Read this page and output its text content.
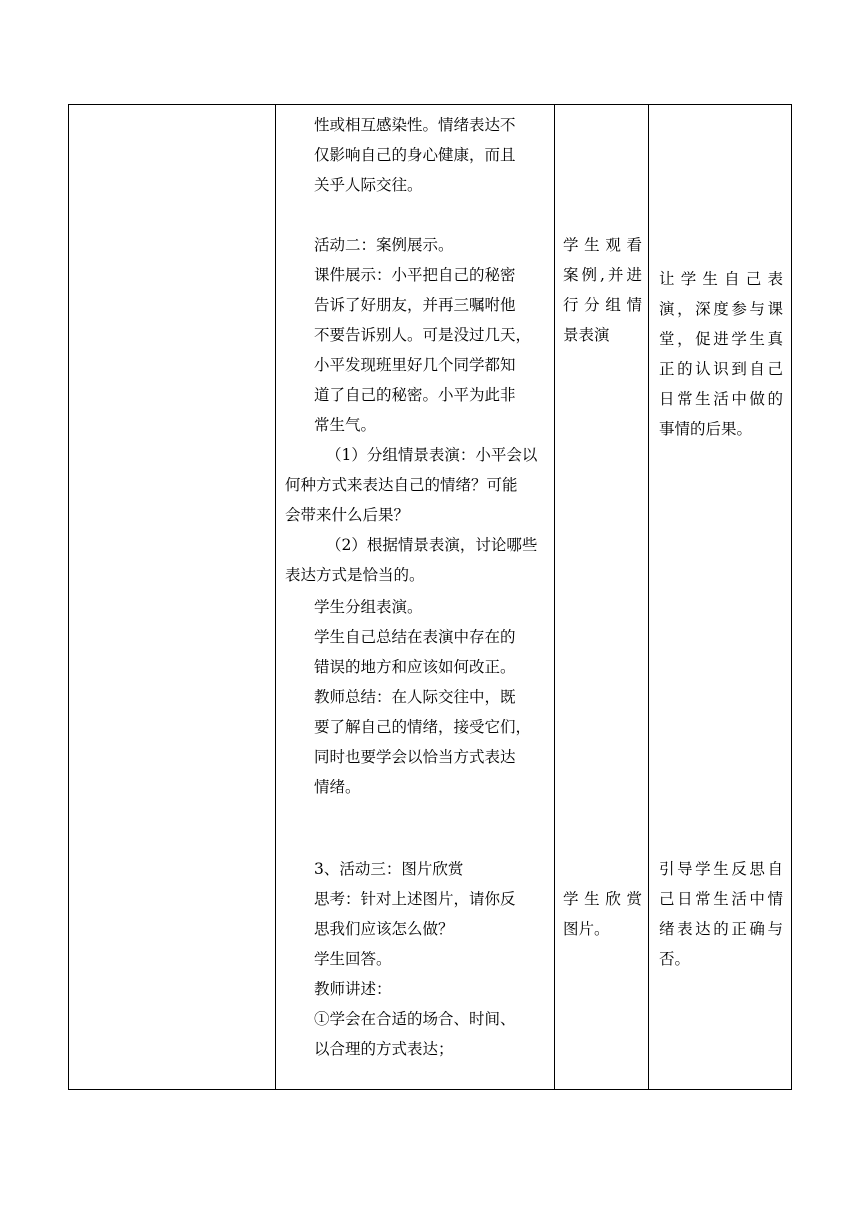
性或相互感染性。情绪表达不
仅影响自己的身心健康，而且
关乎人际交往。
活动二：案例展示。
课件展示：小平把自己的秘密
告诉了好朋友，并再三嘱咐他
不要告诉别人。可是没过几天，
小平发现班里好几个同学都知
道了自己的秘密。小平为此非
常生气。
（1）分组情景表演：小平会以
何种方式来表达自己的情绪？可能
会带来什么后果？
（2）根据情景表演，讨论哪些
表达方式是恰当的。
学生分组表演。
学生自己总结在表演中存在的
错误的地方和应该如何改正。
教师总结：在人际交往中，既
要了解自己的情绪，接受它们，
同时也要学会以恰当方式表达
情绪。
3、活动三：图片欣赏
思考：针对上述图片，请你反
思我们应该怎么做？
学生回答。
教师讲述：
①学会在合适的场合、时间、
以合理的方式表达；
学生观看
案例,并进
行分组情
景表演
学生欣赏
图片。
让学生自己表
演，深度参与课
堂，促进学生真
正的认识到自己
日常生活中做的
事情的后果。
引导学生反思自
己日常生活中情
绪表达的正确与
否。
